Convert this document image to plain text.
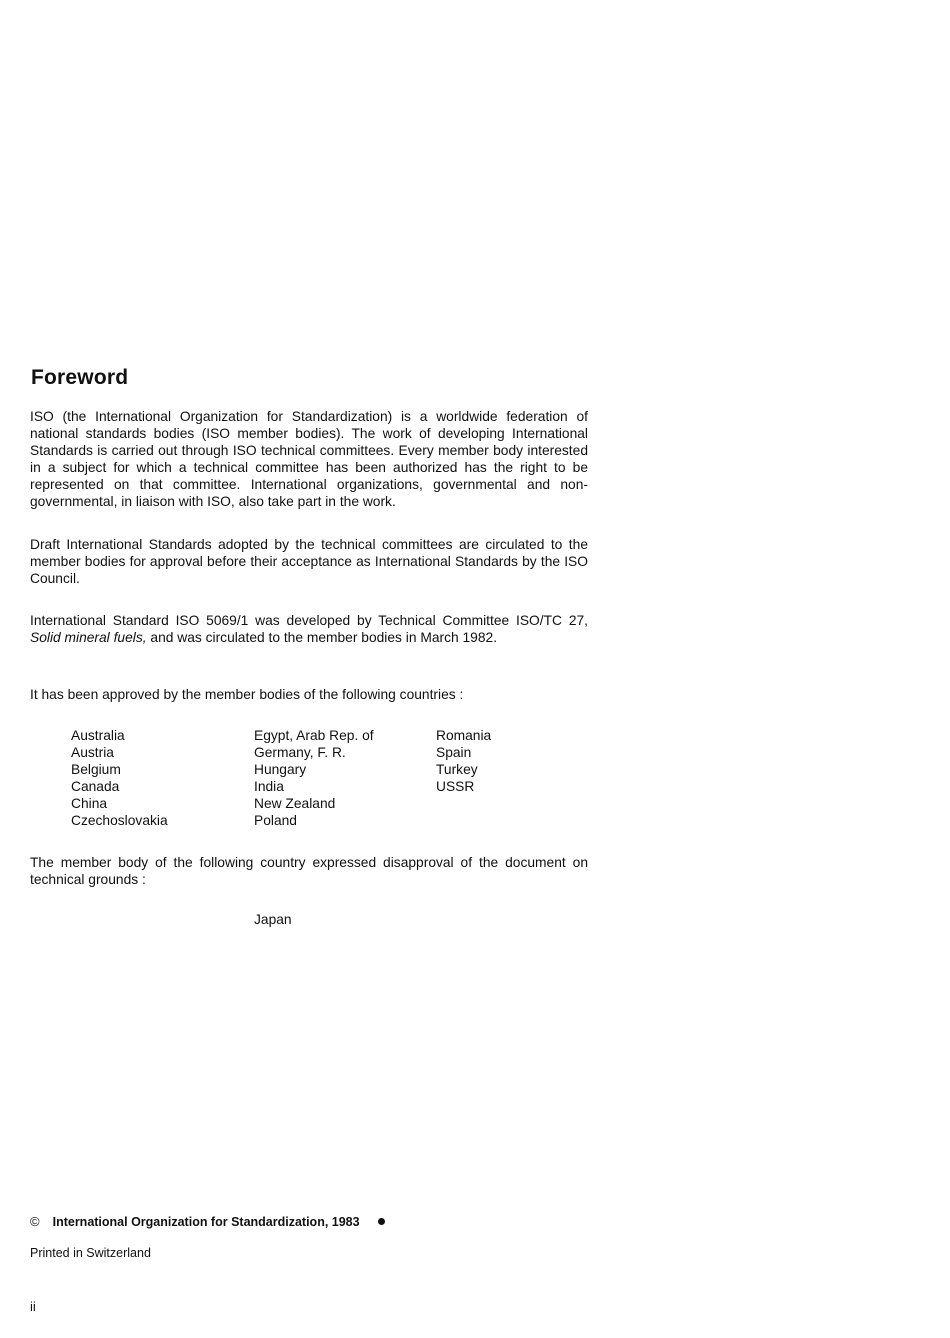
Foreword

ISO (the International Organization for Standardization) is a worldwide federation of national standards bodies (ISO member bodies). The work of developing International Standards is carried out through ISO technical committees. Every member body interested in a subject for which a technical committee has been authorized has the right to be represented on that committee. International organizations, governmental and non-governmental, in liaison with ISO, also take part in the work.

Draft International Standards adopted by the technical committees are circulated to the member bodies for approval before their acceptance as International Standards by the ISO Council.

International Standard ISO 5069/1 was developed by Technical Committee ISO/TC 27, Solid mineral fuels, and was circulated to the member bodies in March 1982.

It has been approved by the member bodies of the following countries :

Australia
Austria
Belgium
Canada
China
Czechoslovakia
Egypt, Arab Rep. of
Germany, F. R.
Hungary
India
New Zealand
Poland
Romania
Spain
Turkey
USSR

The member body of the following country expressed disapproval of the document on technical grounds :

Japan
© International Organization for Standardization, 1983
Printed in Switzerland
ii
